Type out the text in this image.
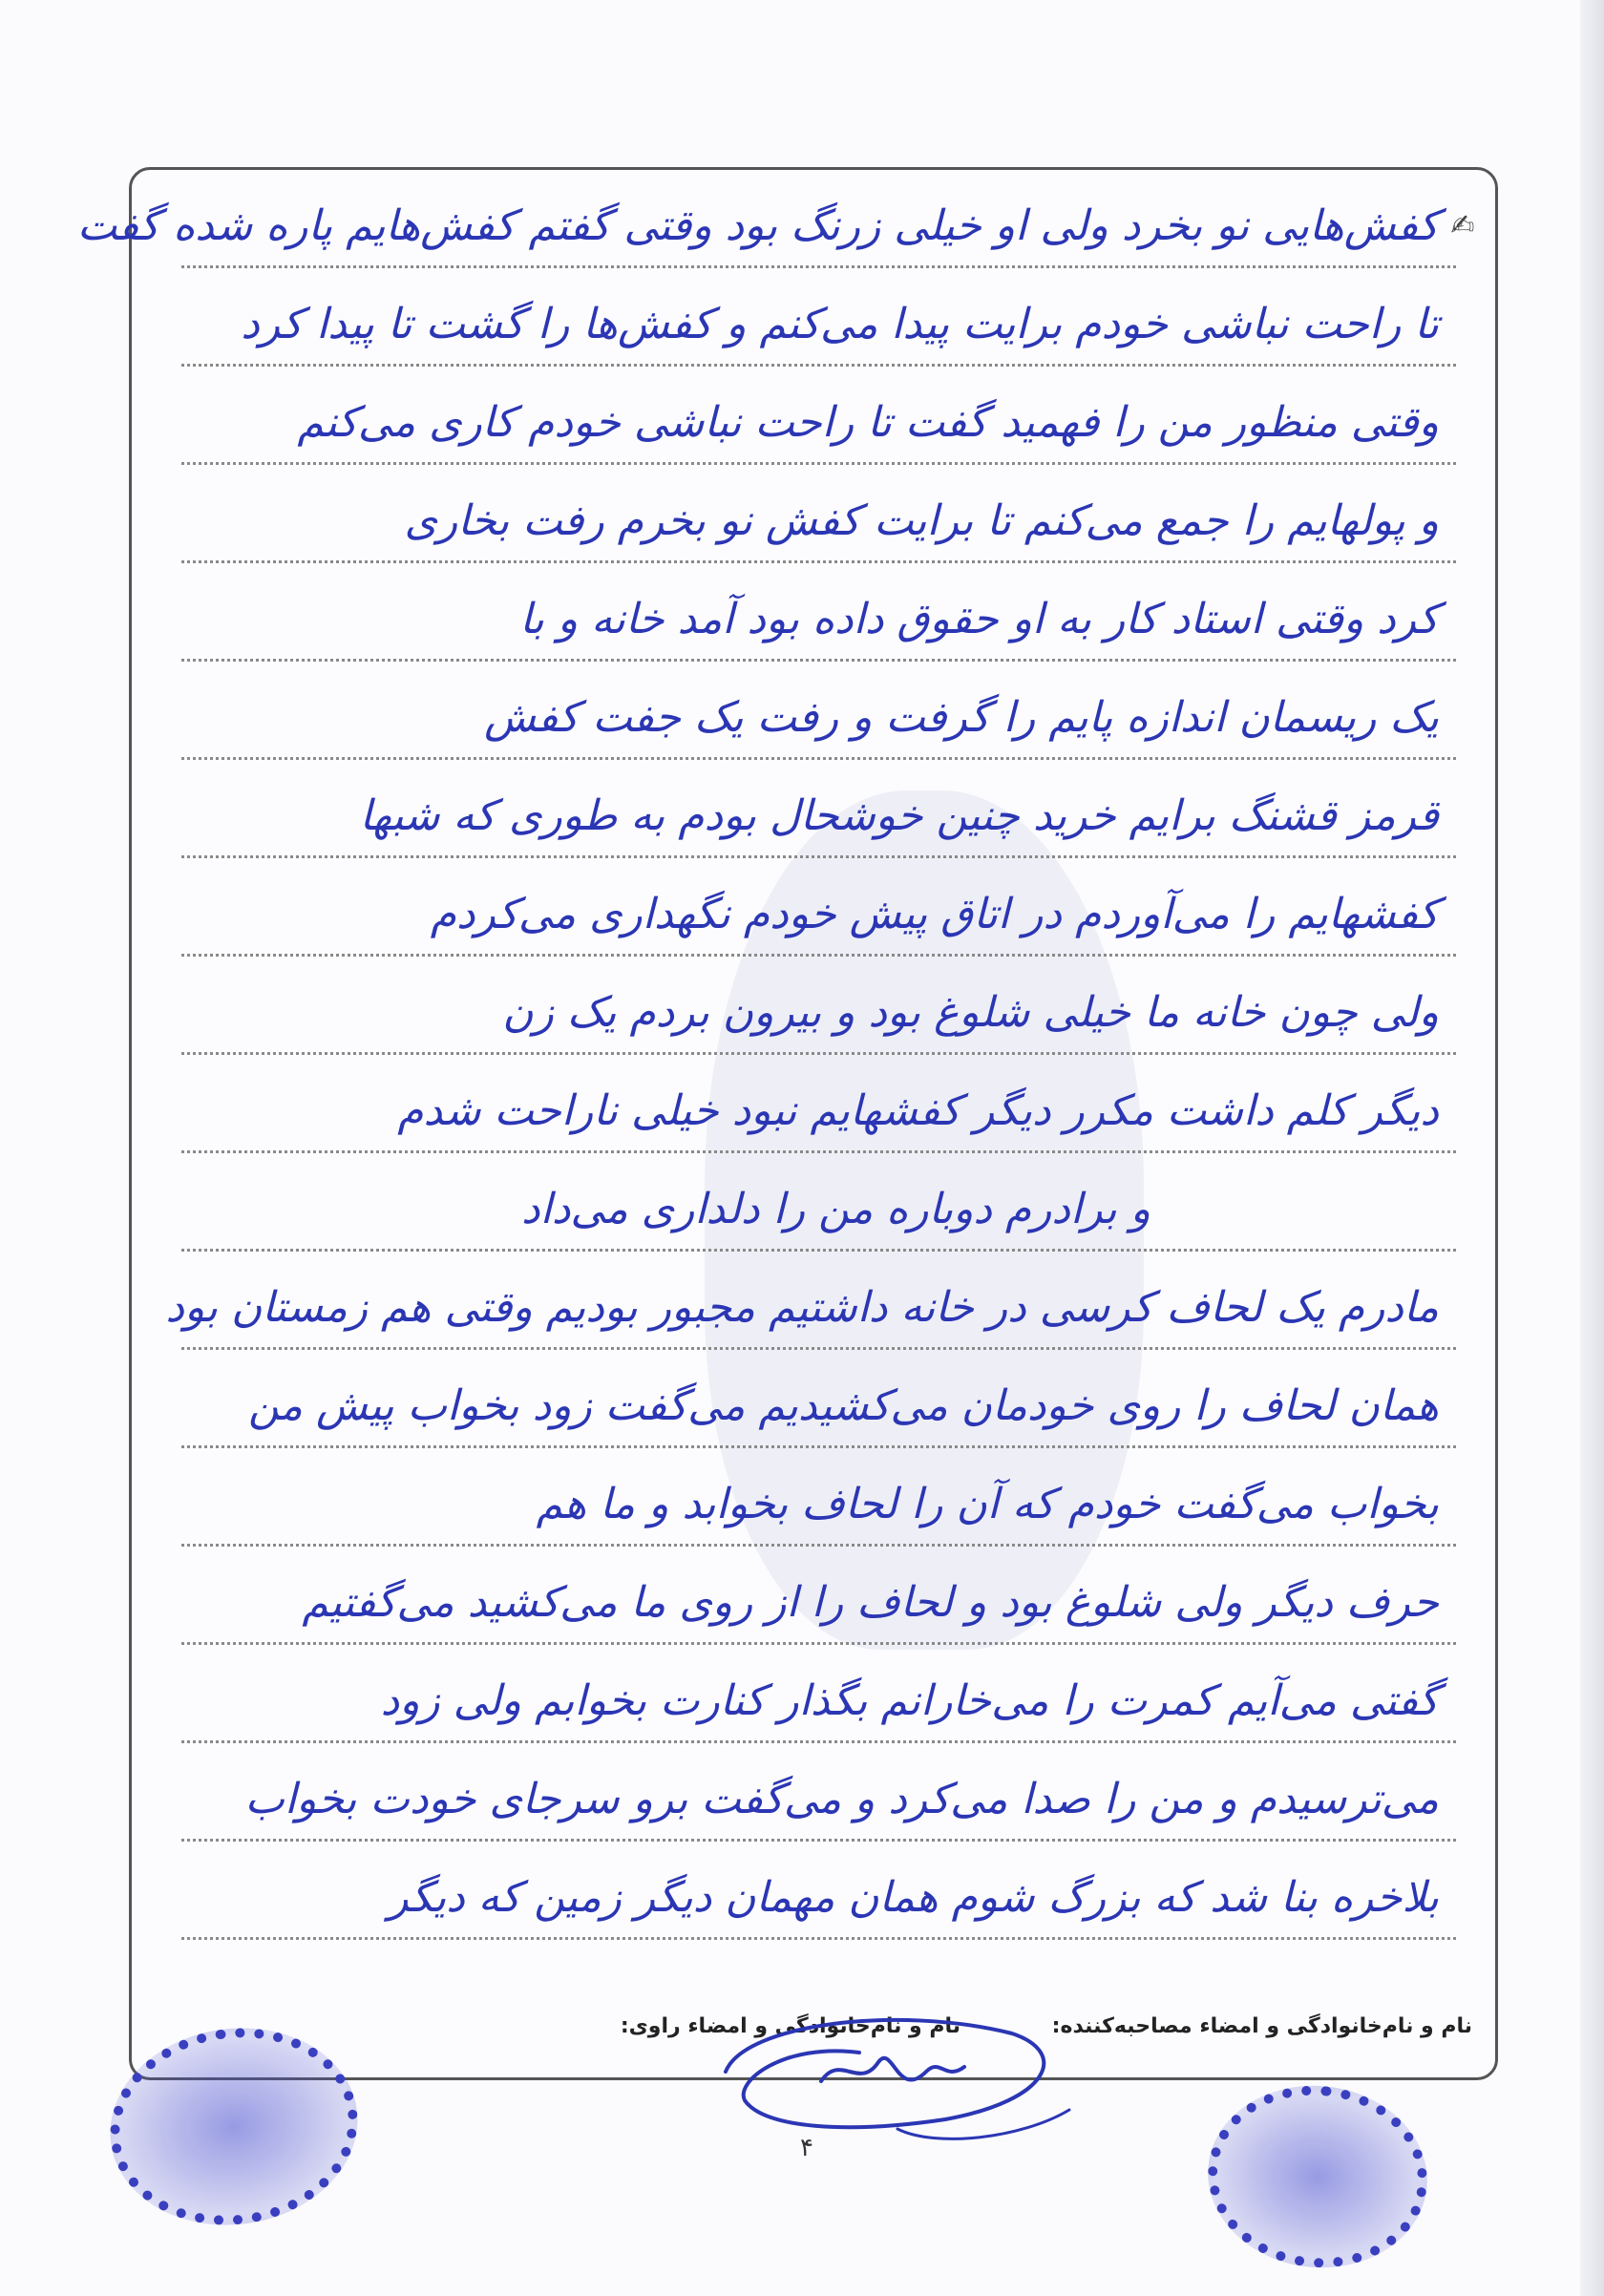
✍
کفش‌هایی نو بخرد ولی او خیلی زرنگ بود وقتی گفتم کفش‌هایم پاره شده گفت
تا راحت نباشی خودم برایت پیدا می‌کنم و کفش‌ها را گشت تا پیدا کرد
وقتی منظور من را فهمید گفت تا راحت نباشی خودم کاری می‌کنم
و پولهایم را جمع می‌کنم تا برایت کفش نو بخرم رفت بخاری
کرد وقتی استاد کار به او حقوق داده بود آمد خانه و با
یک ریسمان اندازه پایم را گرفت و رفت یک جفت کفش
قرمز قشنگ برایم خرید چنین خوشحال بودم به طوری که شبها
کفشهایم را می‌آوردم در اتاق پیش خودم نگهداری می‌کردم
ولی چون خانه ما خیلی شلوغ بود و بیرون بردم یک زن
دیگر کلم داشت مکرر دیگر کفشهایم نبود خیلی ناراحت شدم
و برادرم دوباره من را دلداری می‌داد
مادرم یک لحاف کرسی در خانه داشتیم مجبور بودیم وقتی هم زمستان بود
همان لحاف را روی خودمان می‌کشیدیم می‌گفت زود بخواب پیش من
بخواب می‌گفت خودم که آن را لحاف بخوابد و ما هم
حرف دیگر ولی شلوغ بود و لحاف را از روی ما می‌کشید می‌گفتیم
گفتی می‌آیم کمرت را می‌خارانم بگذار کنارت بخوابم ولی زود
می‌ترسیدم و من را صدا می‌کرد و می‌گفت برو سرجای خودت بخواب
بلاخره بنا شد که بزرگ شوم همان مهمان دیگر زمین که دیگر
نام و نام‌خانوادگی و امضاء مصاحبه‌کننده:
نام و نام‌خانوادگی و امضاء راوی:
۴
